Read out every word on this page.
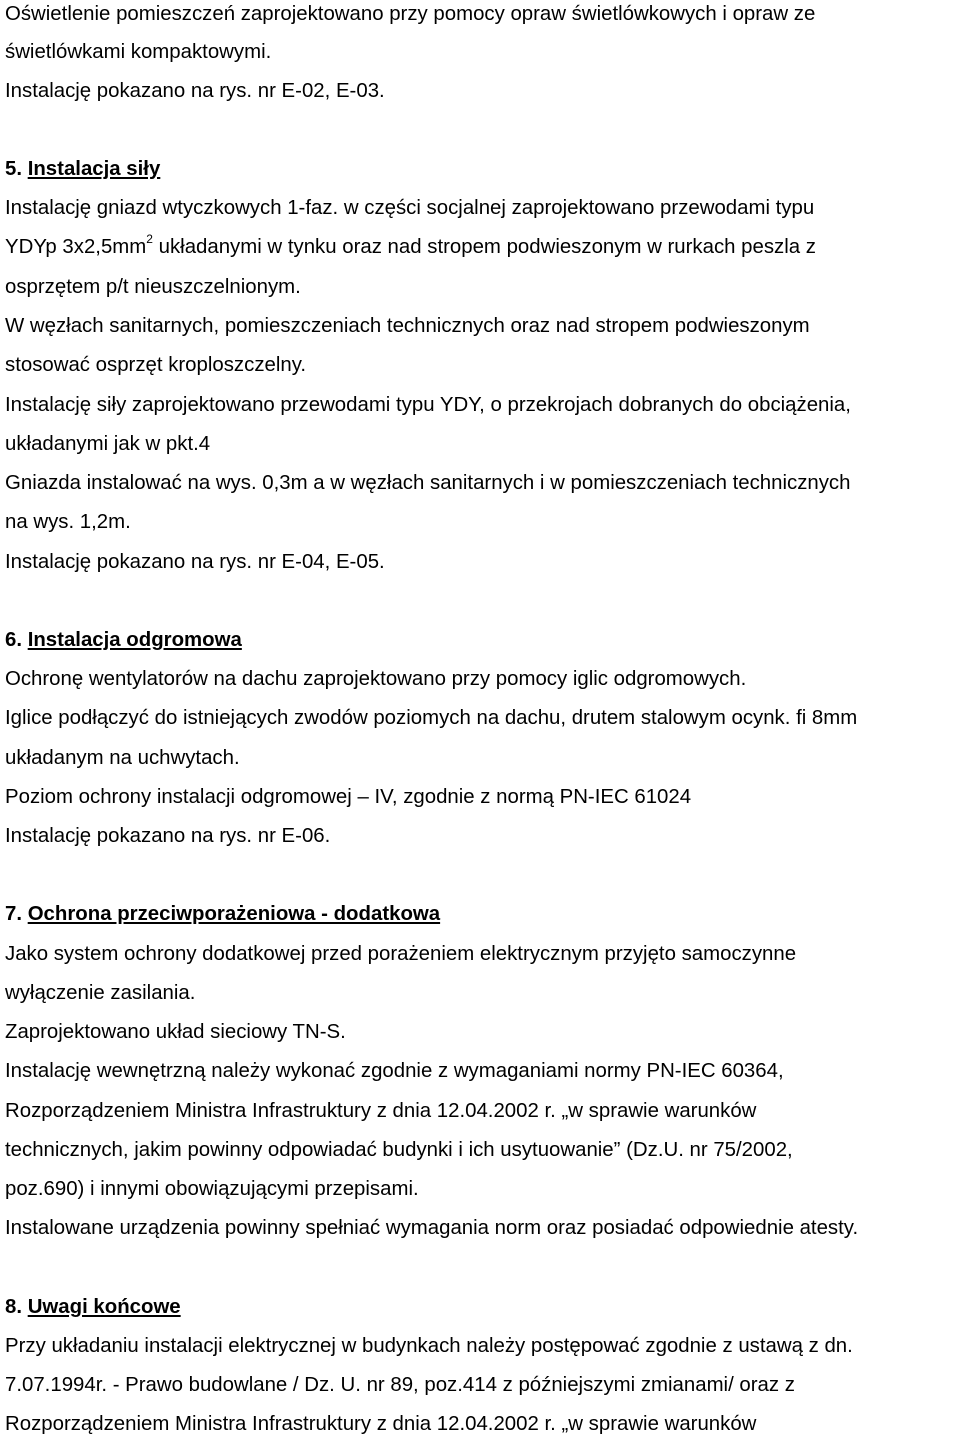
Oświetlenie pomieszczeń zaprojektowano przy pomocy opraw świetlówkowych i opraw ze

świetlówkami kompaktowymi.

Instalację pokazano na rys. nr E-02, E-03.

5. Instalacja siły

Instalację gniazd wtyczkowych 1-faz. w części socjalnej zaprojektowano przewodami typu

YDYp $3x2,5mm^2$ układanymi w tynku oraz nad stropem podwieszonym w rurkach peszla z

osprzętem p/t nieuszczelnionym.

W węzłach sanitarnych, pomieszczeniach technicznych oraz nad stropem podwieszonym

stosować osprzęt kroploszczelny.

Instalację siły zaprojektowano przewodami typu YDY, o przekrojach dobranych do obciążenia,

układanymi jak w pkt.4

Gniazda instalować na wys. 0,3m a w węzłach sanitarnych i w pomieszczeniach technicznych

na wys. 1,2m.

Instalację pokazano na rys. nr E-04, E-05.

6. Instalacja odgromowa

Ochronę wentylatorów na dachu zaprojektowano przy pomocy iglic odgromowych.

Iglice podłączyć do istniejących zwodów poziomych na dachu, drutem stalowym ocynk. fi 8mm

układanym na uchwytach.

Poziom ochrony instalacji odgromowej – IV, zgodnie z normą PN-IEC 61024

Instalację pokazano na rys. nr E-06.

7. Ochrona przeciwporażeniowa - dodatkowa

Jako system ochrony dodatkowej przed porażeniem elektrycznym przyjęto samoczynne

wyłączenie zasilania.

Zaprojektowano układ sieciowy TN-S.

Instalację wewnętrzną należy wykonać zgodnie z wymaganiami normy PN-IEC 60364,

Rozporządzeniem Ministra Infrastruktury z dnia 12.04.2002 r. „w sprawie warunków

technicznych, jakim powinny odpowiadać budynki i ich usytuowanie” (Dz.U. nr 75/2002,

poz.690) i innymi obowiązującymi przepisami.

Instalowane urządzenia powinny spełniać wymagania norm oraz posiadać odpowiednie atesty.

8. Uwagi końcowe

Przy układaniu instalacji elektrycznej w budynkach należy postępować zgodnie z ustawą z dn.

7.07.1994r. - Prawo budowlane / Dz. U. nr 89, poz.414 z późniejszymi zmianami/ oraz z

Rozporządzeniem Ministra Infrastruktury z dnia 12.04.2002 r. „w sprawie warunków
